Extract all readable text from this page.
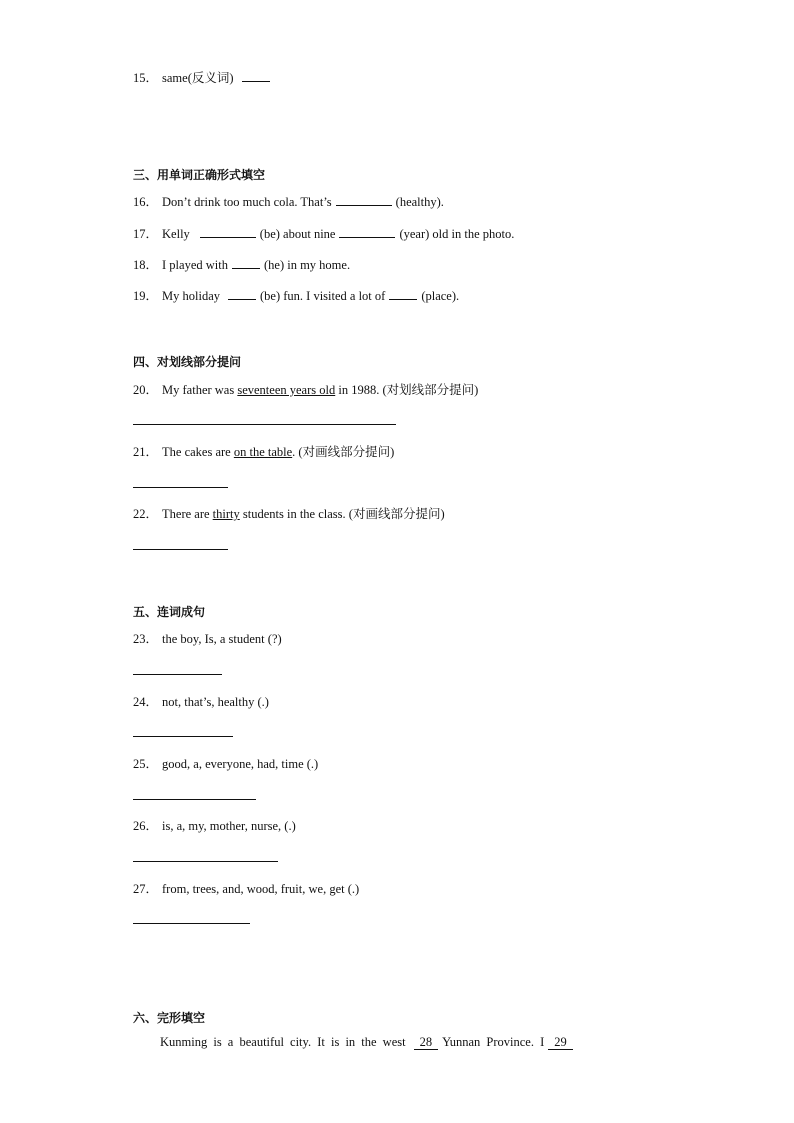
15． same(反义词)
三、用单词正确形式填空
16． Don’t drink too much cola. That’s	(healthy).
17． Kelly	(be) about nine	(year) old in the photo.
18． I played with	(he) in my home.
19． My holiday	(be) fun. I visited a lot of	(place).
四、对划线部分提问
20． My father was seventeen years old in 1988. (对划线部分提问)
21． The cakes are on the table. (对画线部分提问)
22． There are thirty students in the class. (对画线部分提问)
五、连词成句
23． the boy, Is, a student (?)
24． not, that’s, healthy (.)
25． good, a, everyone, had, time (.)
26． is, a, my, mother, nurse, (.)
27． from, trees, and, wood, fruit, we, get (.)
六、完形填空
Kunming is a beautiful city. It is in the west 28 Yunnan Province. I 29
